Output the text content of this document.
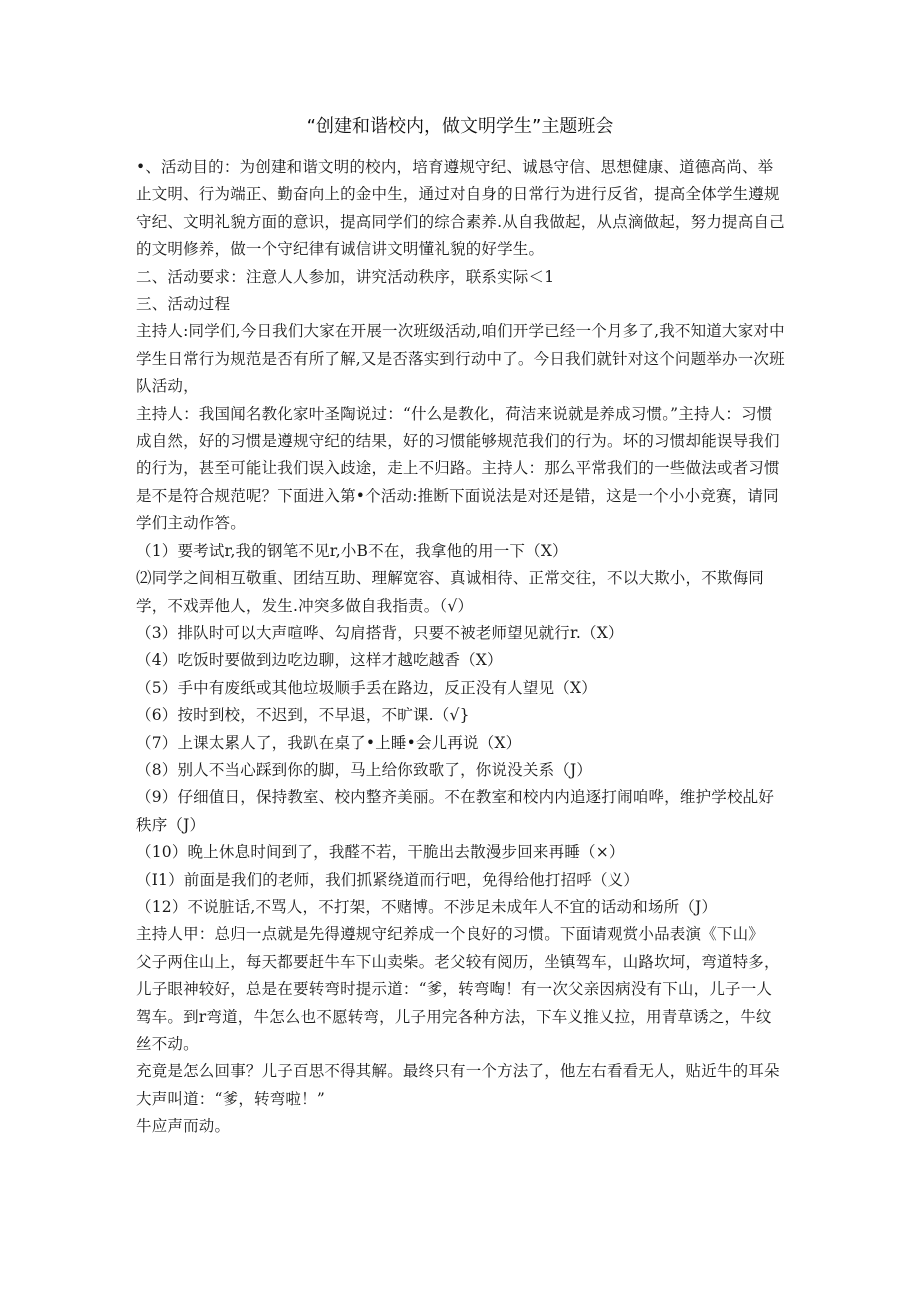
“创建和谐校内，做文明学生”主题班会

•、活动目的：为创建和谐文明的校内，培育遵规守纪、诚恳守信、思想健康、道德高尚、举止文明、行为端正、勤奋向上的金中生，通过对自身的日常行为进行反省，提高全体学生遵规守纪、文明礼貌方面的意识，提高同学们的综合素养.从自我做起，从点滴做起，努力提高自己的文明修养，做一个守纪律有诚信讲文明懂礼貌的好学生。

二、活动要求：注意人人参加，讲究活动秩序，联系实际＜1

三、活动过程

主持人:同学们,今日我们大家在开展一次班级活动,咱们开学已经一个月多了,我不知道大家对中学生日常行为规范是否有所了解,又是否落实到行动中了。今日我们就针对这个问题举办一次班队活动，

主持人：我国闻名教化家叶圣陶说过：“什么是教化，荷洁来说就是养成习惯。”主持人：习惯成自然，好的习惯是遵规守纪的结果，好的习惯能够规范我们的行为。坏的习惯却能误导我们的行为，甚至可能让我们误入歧途，走上不归路。主持人：那么平常我们的一些做法或者习惯是不是符合规范呢？下面进入第•个活动:推断下面说法是对还是错，这是一个小小竞赛，请同学们主动作答。

（1）要考试r,我的钢笔不见r,小B不在，我拿他的用一下（X）

⑵同学之间相互敬重、团结互助、理解宽容、真诚相待、正常交往，不以大欺小，不欺侮同学，不戏弄他人，发生.冲突多做自我指责。（√）

（3）排队时可以大声喧哗、勾肩搭背，只要不被老师望见就行r.（X）

（4）吃饭时要做到边吃边聊，这样才越吃越香（X）

（5）手中有废纸或其他垃圾顺手丢在路边，反正没有人望见（X）

（6）按时到校，不迟到，不早退，不旷课.（√}

（7）上课太累人了，我趴在桌了•上睡•会儿再说（X）

（8）别人不当心踩到你的脚，马上给你致歌了，你说没关系（J）

（9）仔细值日，保持教室、校内整齐美丽。不在教室和校内内追逐打闹咱哗，维护学校乩好秩序（J）

（10）晚上休息时间到了，我醛不若，干脆出去散漫步回来再睡（×）

（I1）前面是我们的老师，我们抓紧绕道而行吧，免得给他打招呼（义）

（12）不说脏话,不骂人，不打架，不赌博。不涉足未成年人不宜的话动和场所（J）

主持人甲：总归一点就是先得遵规守纪养成一个良好的习惯。下面请观赏小品表演《下山》

父子两住山上，每天都要赶牛车下山卖柴。老父较有阅历，坐镇驾车，山路坎坷，弯道特多，儿子眼神较好，总是在要转弯时提示道：“爹，转弯啕！有一次父亲因病没有下山，儿子一人驾车。到r弯道，牛怎么也不愿转弯，儿子用完各种方法，下车义推乂拉，用青草诱之，牛纹丝不动。

充竟是怎么回事？儿子百思不得其解。最终只有一个方法了，他左右看看无人，贴近牛的耳朵大声叫道：“爹，转弯啦！”

牛应声而动。
